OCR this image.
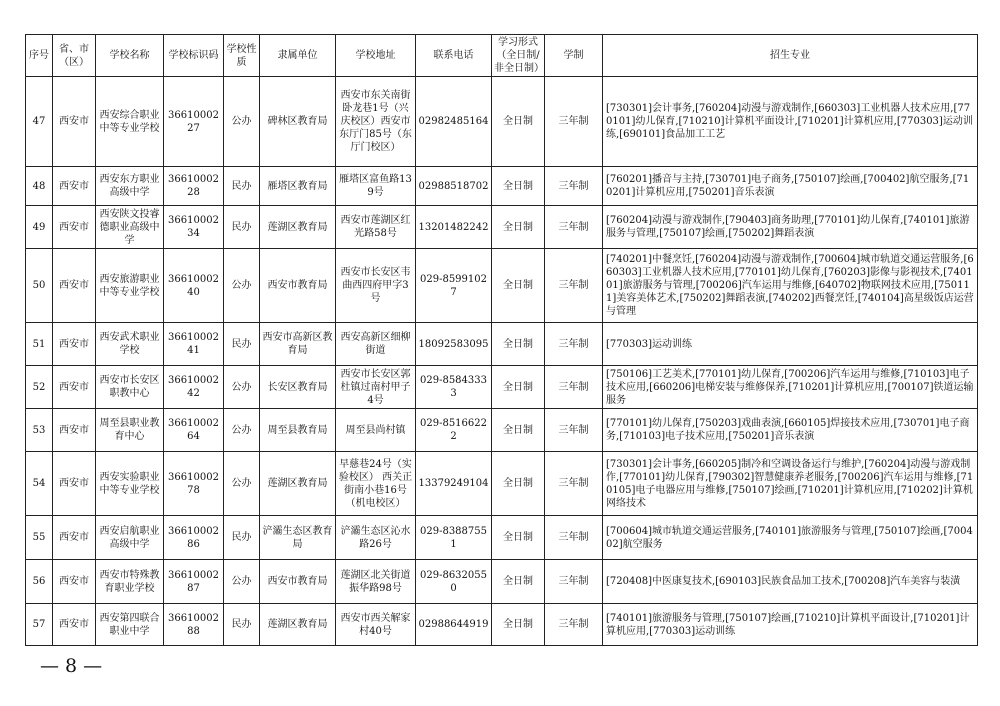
序号	省、市（区）	学校名称	学校标识码	学校性质	隶属单位	学校地址	联系电话	学习形式（全日制/非全日制）	学制	招生专业
47	西安市	西安综合职业中等专业学校	3661000227	公办	碑林区教育局	西安市东关南街卧龙巷1号（兴庆校区）西安市东厅门85号（东厅门校区）	02982485164	全日制	三年制	[730301]会计事务,[760204]动漫与游戏制作,[660303]工业机器人技术应用,[770101]幼儿保育,[710210]计算机平面设计,[710201]计算机应用,[770303]运动训练,[690101]食品加工工艺
48	西安市	西安东方职业高级中学	3661000228	民办	雁塔区教育局	雁塔区富鱼路139号	02988518702	全日制	三年制	[760201]播音与主持,[730701]电子商务,[750107]绘画,[700402]航空服务,[710201]计算机应用,[750201]音乐表演
49	西安市	西安陕文投睿德职业高级中学	3661000234	民办	莲湖区教育局	西安市莲湖区红光路58号	13201482242	全日制	三年制	[760204]动漫与游戏制作,[790403]商务助理,[770101]幼儿保育,[740101]旅游服务与管理,[750107]绘画,[750202]舞蹈表演
50	西安市	西安旅游职业中等专业学校	3661000240	公办	西安市教育局	西安市长安区韦曲西四府甲字3号	029-85991027	全日制	三年制	[740201]中餐烹饪,[760204]动漫与游戏制作,[700604]城市轨道交通运营服务,[660303]工业机器人技术应用,[770101]幼儿保育,[760203]影像与影视技术,[740101]旅游服务与管理,[700206]汽车运用与维修,[640702]物联网技术应用,[750111]美容美体艺术,[750202]舞蹈表演,[740202]西餐烹饪,[740104]高星级饭店运营与管理
51	西安市	西安武术职业学校	3661000241	民办	西安市高新区教育局	西安高新区细柳街道	18092583095	全日制	三年制	[770303]运动训练
52	西安市	西安市长安区职教中心	3661000242	公办	长安区教育局	西安市长安区郭杜镇过南村甲子4号	029-85843333	全日制	三年制	[750106]工艺美术,[770101]幼儿保育,[700206]汽车运用与维修,[710103]电子技术应用,[660206]电梯安装与维修保养,[710201]计算机应用,[700107]铁道运输服务
53	西安市	周至县职业教育中心	3661000264	公办	周至县教育局	周至县尚村镇	029-85166222	全日制	三年制	[770101]幼儿保育,[750203]戏曲表演,[660105]焊接技术应用,[730701]电子商务,[710103]电子技术应用,[750201]音乐表演
54	西安市	西安实验职业中等专业学校	3661000278	公办	莲湖区教育局	早慈巷24号（实验校区） 西关正街南小巷16号（机电校区）	13379249104	全日制	三年制	[730301]会计事务,[660205]制冷和空调设备运行与维护,[760204]动漫与游戏制作,[770101]幼儿保育,[790302]智慧健康养老服务,[700206]汽车运用与维修,[710105]电子电器应用与维修,[750107]绘画,[710201]计算机应用,[710202]计算机网络技术
55	西安市	西安启航职业高级中学	3661000286	民办	浐灞生态区教育局	浐灞生态区沁水路26号	029-83887551	全日制	三年制	[700604]城市轨道交通运营服务,[740101]旅游服务与管理,[750107]绘画,[700402]航空服务
56	西安市	西安市特殊教育职业学校	3661000287	公办	西安市教育局	莲湖区北关街道振华路98号	029-86320550	全日制	三年制	[720408]中医康复技术,[690103]民族食品加工技术,[700208]汽车美容与装潢
57	西安市	西安第四联合职业中学	3661000288	民办	莲湖区教育局	西安市西关解家村40号	02988644919	全日制	三年制	[740101]旅游服务与管理,[750107]绘画,[710210]计算机平面设计,[710201]计算机应用,[770303]运动训练
— 8 —
